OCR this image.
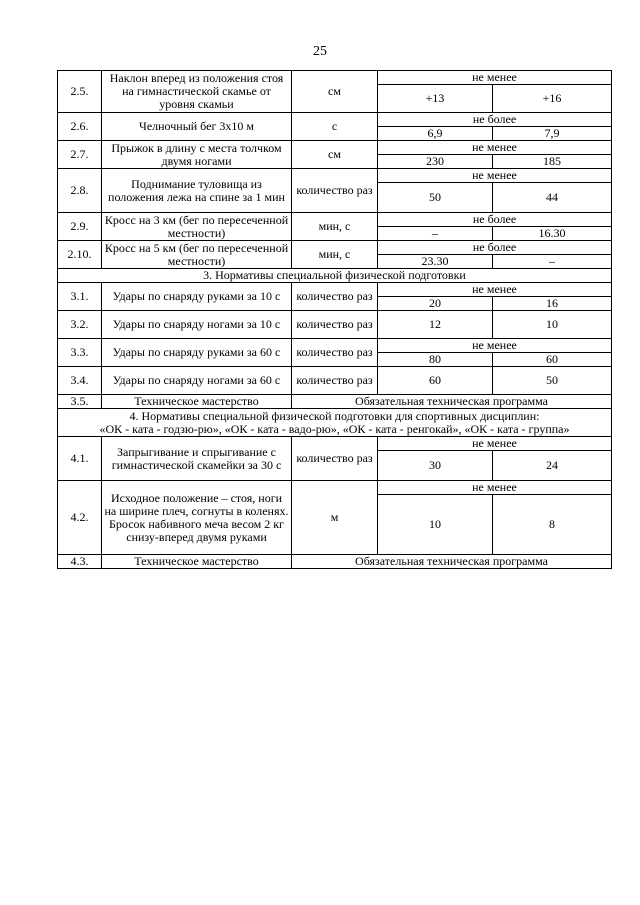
25
2.5.	Наклон вперед из положения стоя на гимнастической скамье от уровня скамьи	см	не менее	
			+13	+16
2.6.	Челночный бег 3x10 м	с	не более	
			6,9	7,9
2.7.	Прыжок в длину с места толчком двумя ногами	см	не менее	
			230	185
2.8.	Поднимание туловища из положения лежа на спине за 1 мин	количество раз	не менее	
			50	44
2.9.	Кросс на 3 км (бег по пересеченной местности)	мин, с	не более	
			–	16.30
2.10.	Кросс на 5 км (бег по пересеченной местности)	мин, с	не более	
			23.30	–
3. Нормативы специальной физической подготовки				
3.1.	Удары по снаряду руками за 10 с	количество раз	не менее	
			20	16
3.2.	Удары по снаряду ногами за 10 с	количество раз	12	10
3.3.	Удары по снаряду руками за 60 с	количество раз	не менее	
			80	60
3.4.	Удары по снаряду ногами за 60 с	количество раз	60	50
3.5.	Техническое мастерство	Обязательная техническая программа		

4. Нормативы специальной физической подготовки для спортивных дисциплин:
«ОК - ката - годзю-рю», «ОК - ката - вадо-рю», «ОК - ката - ренгокай», «ОК - ката - группа»				

4.1.	Запрыгивание и спрыгивание с гимнастической скамейки за 30 с	количество раз	не менее	
			30	24
4.2.	Исходное положение – стоя, ноги на ширине плеч, согнуты в коленях. Бросок набивного меча весом 2 кг снизу-вперед двумя руками	м	не менее	
			10	8
4.3.	Техническое мастерство	Обязательная техническая программа		
